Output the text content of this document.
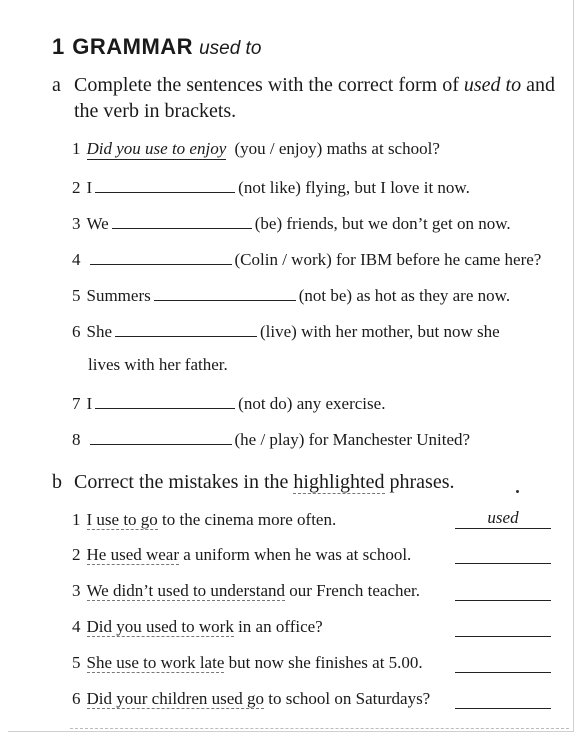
1 GRAMMAR used to
a Complete the sentences with the correct form of used to and
the verb in brackets.
1 Did you use to enjoy (you / enjoy) maths at school?
2 I	(not like) flying, but I love it now.
3 We	(be) friends, but we don’t get on now.
4	(Colin / work) for IBM before he came here?
5 Summers	(not be) as hot as they are now.
6 She	(live) with her mother, but now she
lives with her father.
7 I	(not do) any exercise.
8	(he / play) for Manchester United?
b Correct the mistakes in the highlighted phrases.
1 I use to go to the cinema more often.	used
2 He used wear a uniform when he was at school.
3 We didn’t used to understand our French teacher.
4 Did you used to work in an office?
5 She use to work late but now she finishes at 5.00.
6 Did your children used go to school on Saturdays?
